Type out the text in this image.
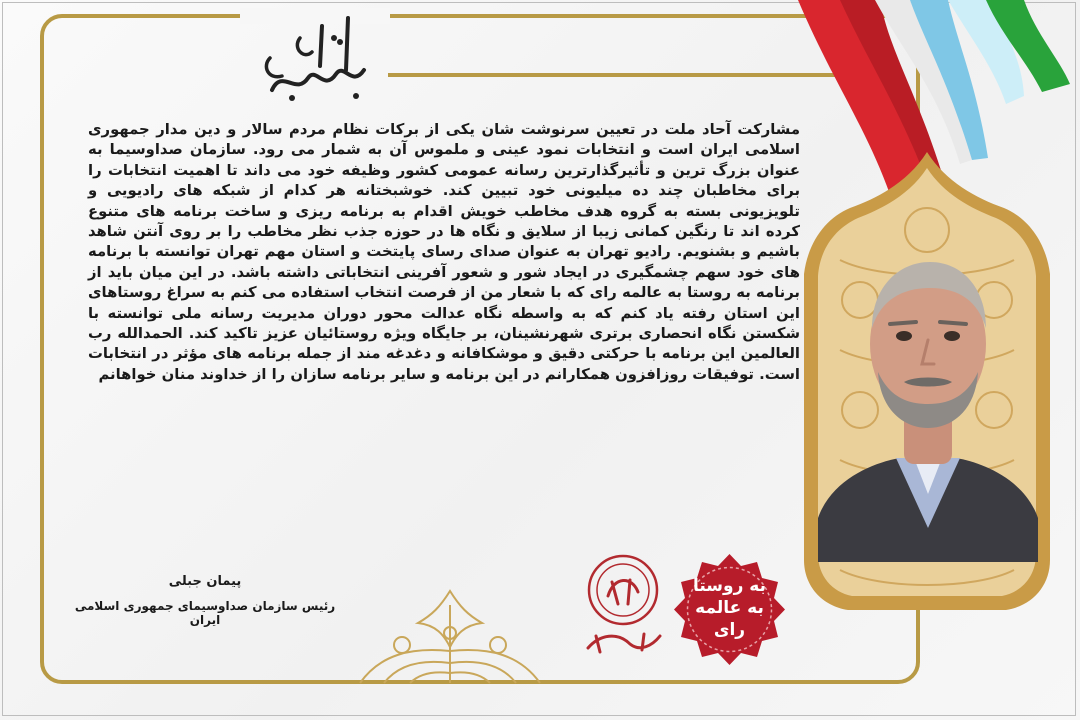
مشارکت آحاد ملت در تعیین سرنوشت شان یکی از برکات نظام مردم سالار و دین مدار جمهوری اسلامی ایران است و انتخابات نمود عینی و ملموس آن به شمار می رود. سازمان صداوسیما به عنوان بزرگ ترین و تأثیرگذارترین رسانه عمومی کشور وظیفه خود می داند تا اهمیت انتخابات را برای مخاطبان چند ده میلیونی خود تبیین کند. خوشبختانه هر کدام از شبکه های رادیویی و تلویزیونی بسته به گروه هدف مخاطب خویش اقدام به برنامه ریزی و ساخت برنامه های متنوع کرده اند تا رنگین کمانی زیبا از سلایق و نگاه ها در حوزه جذب نظر مخاطب را بر روی آنتن شاهد باشیم و بشنویم. رادیو تهران به عنوان صدای رسای پایتخت و استان مهم تهران توانسته با برنامه های خود سهم چشمگیری در ایجاد شور و شعور آفرینی انتخاباتی داشته باشد. در این میان باید از برنامه به روستا به عالمه رای که با شعار من از فرصت انتخاب استفاده می کنم به سراغ روستاهای این استان رفته یاد کنم که به واسطه نگاه عدالت محور دوران مدیریت رسانه ملی توانسته با شکستن نگاه انحصاری برتری شهرنشینان، بر جایگاه ویژه روستائیان عزیز تاکید کند. الحمدالله رب العالمین این برنامه با حرکتی دقیق و موشکافانه و دغدغه مند از جمله برنامه های مؤثر در انتخابات است. توفیقات روزافزون همکارانم در این برنامه و سایر برنامه سازان را از خداوند منان خواهانم

پیمان جبلی
رئیس سازمان صداوسیمای جمهوری اسلامی ایران
به روستا
به عالمه
رای
